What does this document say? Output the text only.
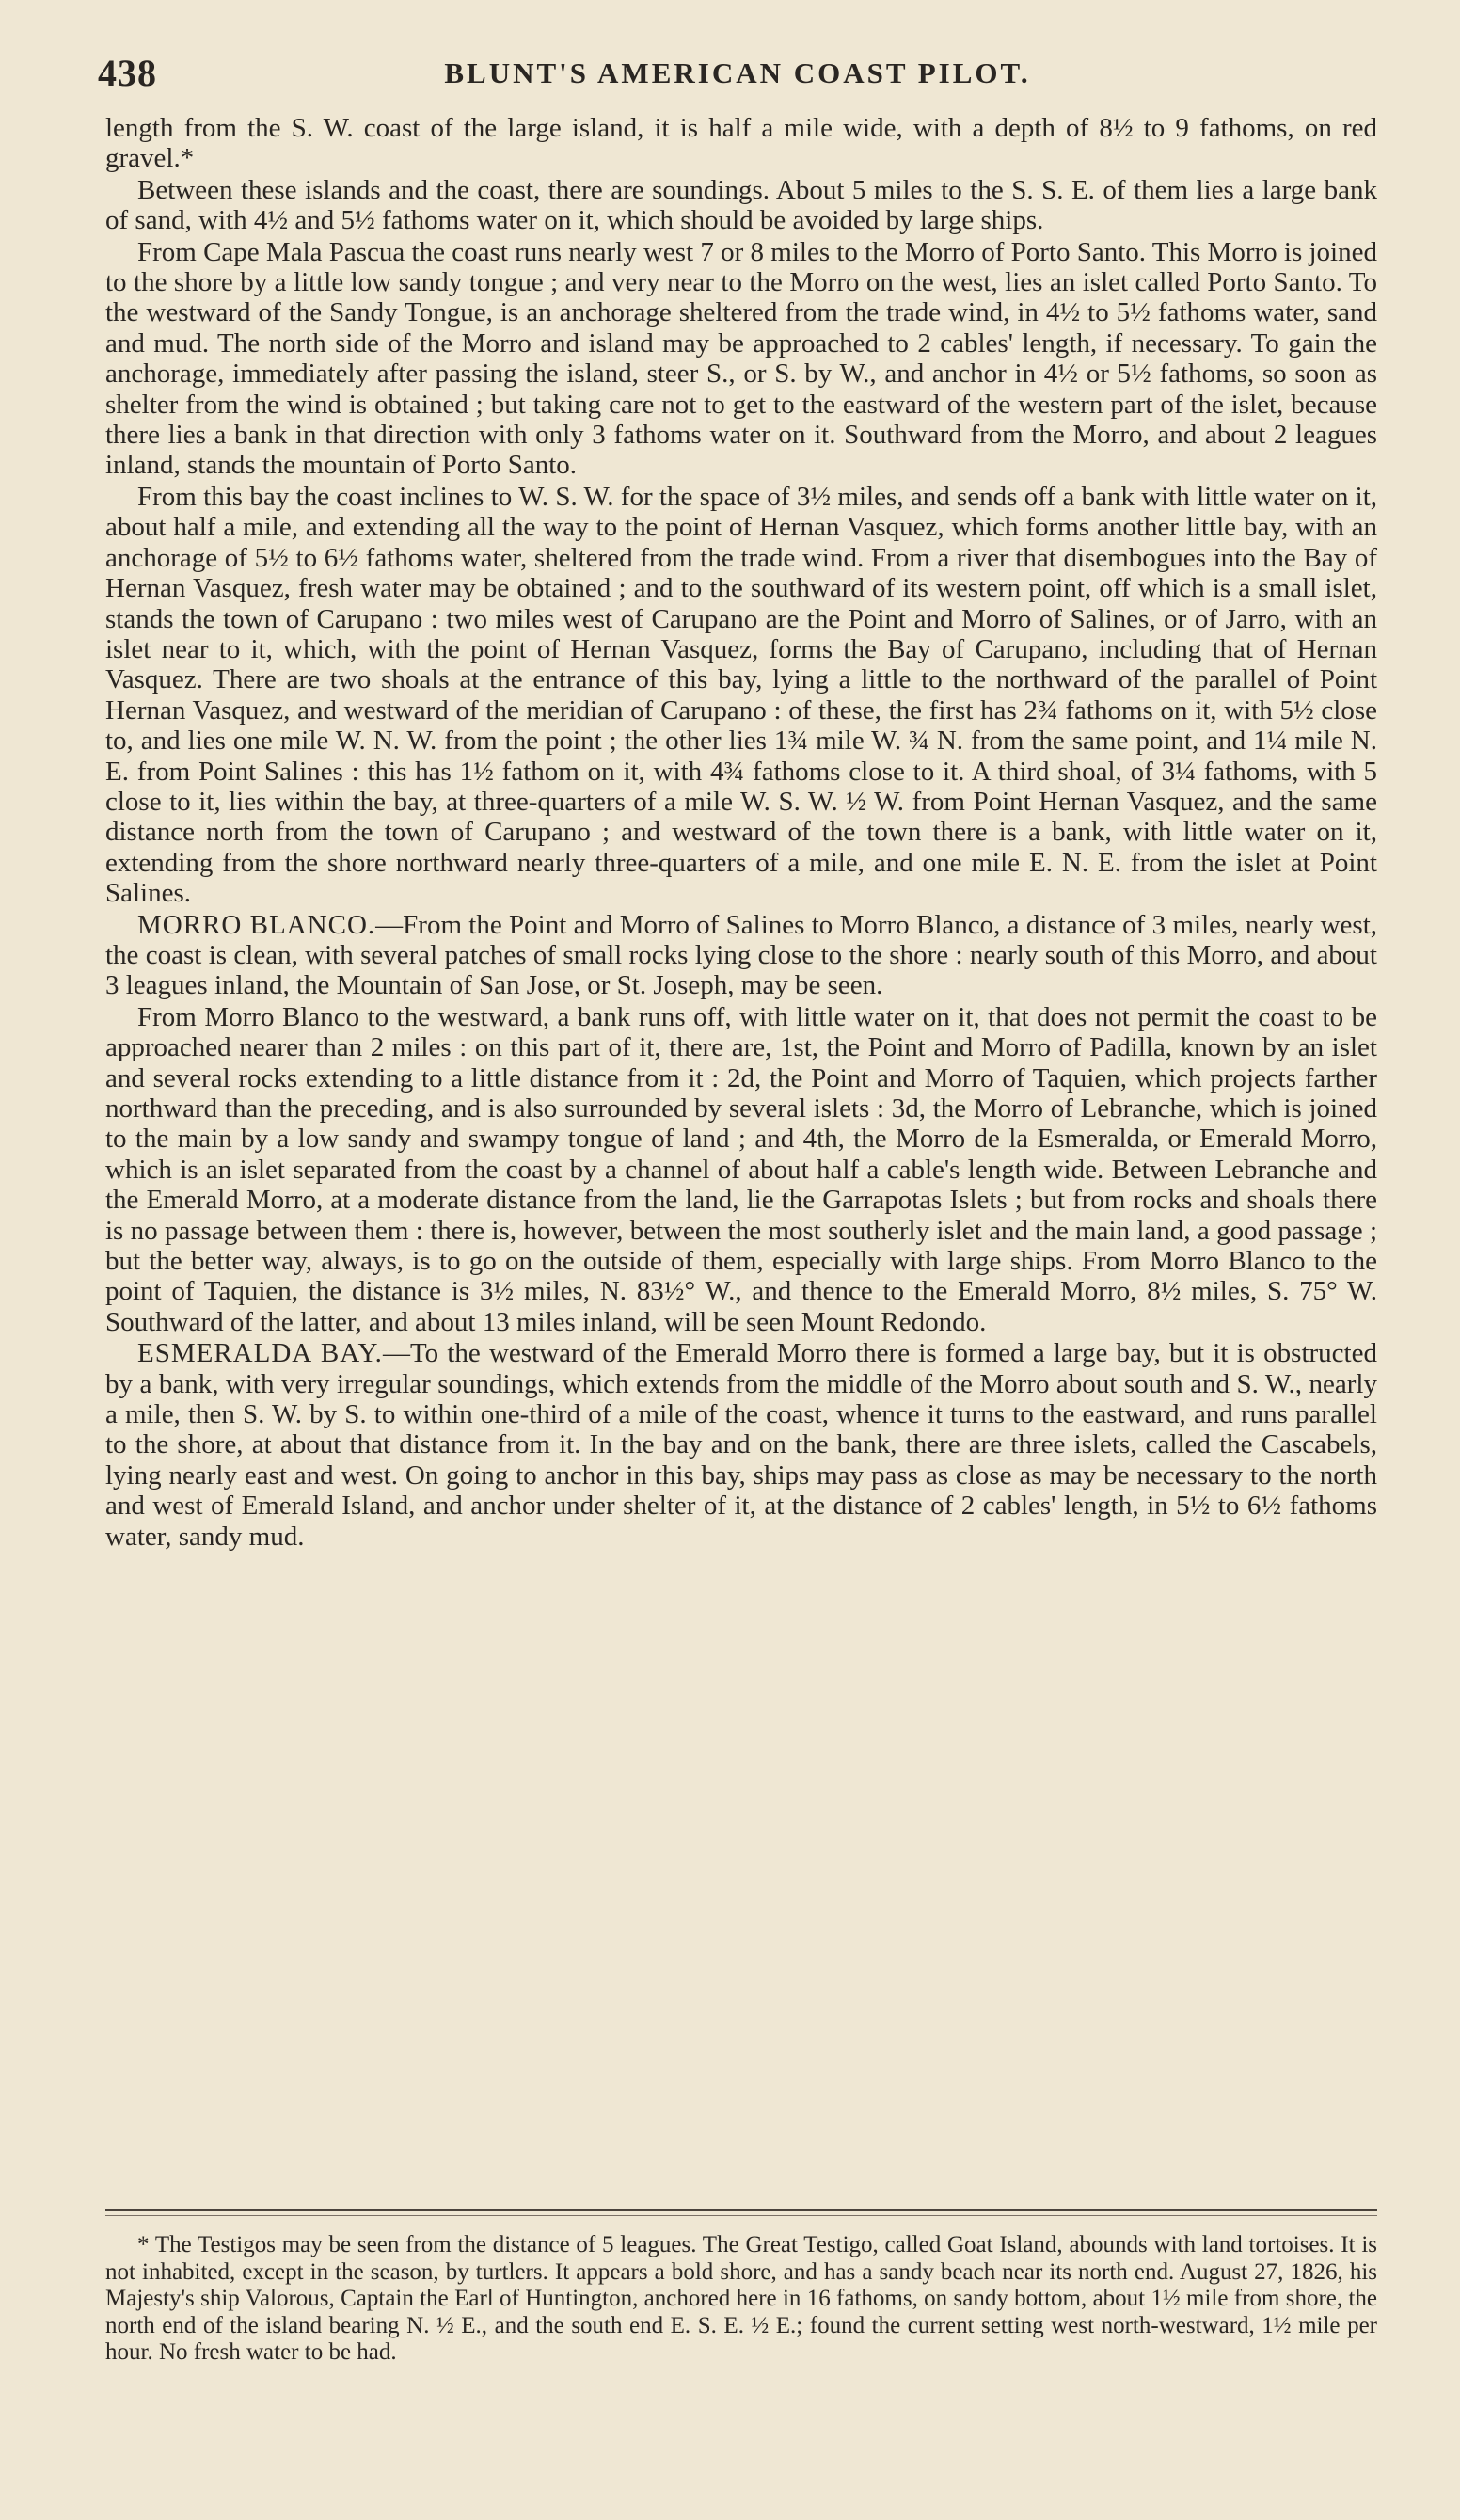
438	BLUNT'S AMERICAN COAST PILOT.

length from the S. W. coast of the large island, it is half a mile wide, with a depth of 8½ to 9 fathoms, on red gravel.*

Between these islands and the coast, there are soundings. About 5 miles to the S. S. E. of them lies a large bank of sand, with 4½ and 5½ fathoms water on it, which should be avoided by large ships.

From Cape Mala Pascua the coast runs nearly west 7 or 8 miles to the Morro of Porto Santo. This Morro is joined to the shore by a little low sandy tongue ; and very near to the Morro on the west, lies an islet called Porto Santo. To the westward of the Sandy Tongue, is an anchorage sheltered from the trade wind, in 4½ to 5½ fathoms water, sand and mud. The north side of the Morro and island may be approached to 2 cables' length, if necessary. To gain the anchorage, immediately after passing the island, steer S., or S. by W., and anchor in 4½ or 5½ fathoms, so soon as shelter from the wind is obtained ; but taking care not to get to the eastward of the western part of the islet, because there lies a bank in that direction with only 3 fathoms water on it. Southward from the Morro, and about 2 leagues inland, stands the mountain of Porto Santo.

From this bay the coast inclines to W. S. W. for the space of 3½ miles, and sends off a bank with little water on it, about half a mile, and extending all the way to the point of Hernan Vasquez, which forms another little bay, with an anchorage of 5½ to 6½ fathoms water, sheltered from the trade wind. From a river that disembogues into the Bay of Hernan Vasquez, fresh water may be obtained ; and to the southward of its western point, off which is a small islet, stands the town of Carupano : two miles west of Carupano are the Point and Morro of Salines, or of Jarro, with an islet near to it, which, with the point of Hernan Vasquez, forms the Bay of Carupano, including that of Hernan Vasquez. There are two shoals at the entrance of this bay, lying a little to the northward of the parallel of Point Hernan Vasquez, and westward of the meridian of Carupano : of these, the first has 2¾ fathoms on it, with 5½ close to, and lies one mile W. N. W. from the point ; the other lies 1¾ mile W. ¾ N. from the same point, and 1¼ mile N. E. from Point Salines : this has 1½ fathom on it, with 4¾ fathoms close to it. A third shoal, of 3¼ fathoms, with 5 close to it, lies within the bay, at three-quarters of a mile W. S. W. ½ W. from Point Hernan Vasquez, and the same distance north from the town of Carupano ; and westward of the town there is a bank, with little water on it, extending from the shore northward nearly three-quarters of a mile, and one mile E. N. E. from the islet at Point Salines.

MORRO BLANCO.—From the Point and Morro of Salines to Morro Blanco, a distance of 3 miles, nearly west, the coast is clean, with several patches of small rocks lying close to the shore : nearly south of this Morro, and about 3 leagues inland, the Mountain of San Jose, or St. Joseph, may be seen.

From Morro Blanco to the westward, a bank runs off, with little water on it, that does not permit the coast to be approached nearer than 2 miles : on this part of it, there are, 1st, the Point and Morro of Padilla, known by an islet and several rocks extending to a little distance from it : 2d, the Point and Morro of Taquien, which projects farther northward than the preceding, and is also surrounded by several islets : 3d, the Morro of Lebranche, which is joined to the main by a low sandy and swampy tongue of land ; and 4th, the Morro de la Esmeralda, or Emerald Morro, which is an islet separated from the coast by a channel of about half a cable's length wide. Between Lebranche and the Emerald Morro, at a moderate distance from the land, lie the Garrapotas Islets ; but from rocks and shoals there is no passage between them : there is, however, between the most southerly islet and the main land, a good passage ; but the better way, always, is to go on the outside of them, especially with large ships. From Morro Blanco to the point of Taquien, the distance is 3½ miles, N. 83½° W., and thence to the Emerald Morro, 8½ miles, S. 75° W. Southward of the latter, and about 13 miles inland, will be seen Mount Redondo.

ESMERALDA BAY.—To the westward of the Emerald Morro there is formed a large bay, but it is obstructed by a bank, with very irregular soundings, which extends from the middle of the Morro about south and S. W., nearly a mile, then S. W. by S. to within one-third of a mile of the coast, whence it turns to the eastward, and runs parallel to the shore, at about that distance from it. In the bay and on the bank, there are three islets, called the Cascabels, lying nearly east and west. On going to anchor in this bay, ships may pass as close as may be necessary to the north and west of Emerald Island, and anchor under shelter of it, at the distance of 2 cables' length, in 5½ to 6½ fathoms water, sandy mud.

* The Testigos may be seen from the distance of 5 leagues. The Great Testigo, called Goat Island, abounds with land tortoises. It is not inhabited, except in the season, by turtlers. It appears a bold shore, and has a sandy beach near its north end. August 27, 1826, his Majesty's ship Valorous, Captain the Earl of Huntington, anchored here in 16 fathoms, on sandy bottom, about 1½ mile from shore, the north end of the island bearing N. ½ E., and the south end E. S. E. ½ E.; found the current setting west north-westward, 1½ mile per hour. No fresh water to be had.
